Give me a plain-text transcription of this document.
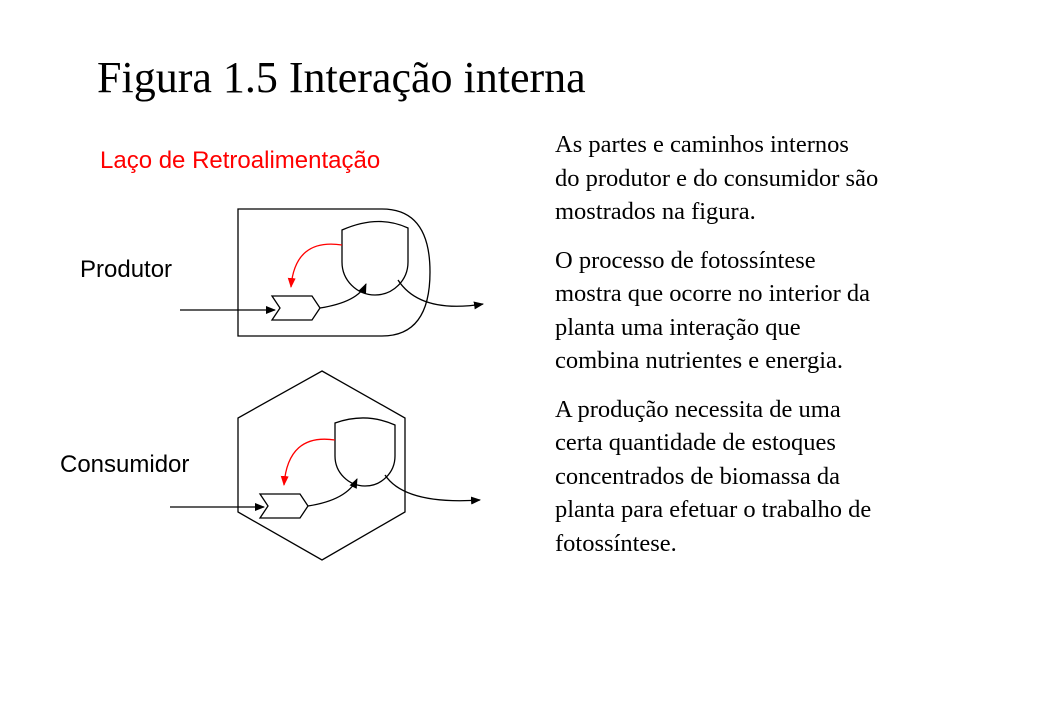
Figura 1.5 Interação interna
Laço de Retroalimentação
Produtor
Consumidor

As partes e caminhos internos
do produtor e do consumidor são
mostrados na figura.

O processo de fotossíntese
mostra que ocorre no interior da
planta uma interação que
combina nutrientes e energia.

A produção necessita de uma
certa quantidade de estoques
concentrados de biomassa da
planta para efetuar o trabalho de
fotossíntese.
